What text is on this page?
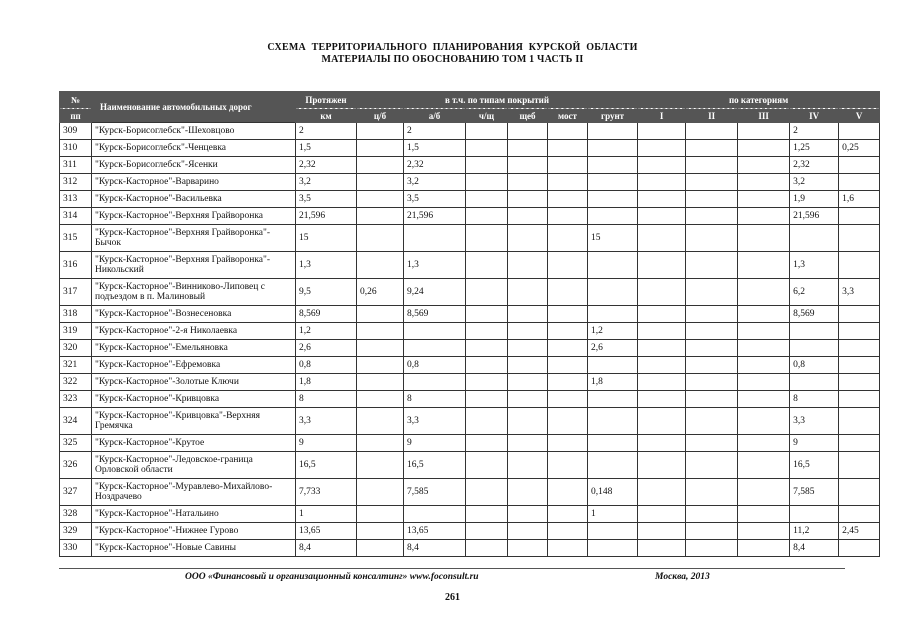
СХЕМА ТЕРРИТОРИАЛЬНОГО ПЛАНИРОВАНИЯ КУРСКОЙ ОБЛАСТИ
МАТЕРИАЛЫ ПО ОБОСНОВАНИЮ ТОМ 1 ЧАСТЬ II
№	Наименование автомобильных дорог	Протяжен	в т.ч. по типам покрытий						по категориям				
пп		км	ц/б	а/б	ч/щ	щеб	мост	грунт	I	II	III	IV	V
309	"Курск-Борисоглебск"-Шеховцово	2		2								2	
310	"Курск-Борисоглебск"-Ченцевка	1,5		1,5								1,25	0,25
311	"Курск-Борисоглебск"-Ясенки	2,32		2,32								2,32	
312	"Курск-Касторное"-Варварино	3,2		3,2								3,2	
313	"Курск-Касторное"-Васильевка	3,5		3,5								1,9	1,6
314	"Курск-Касторное"-Верхняя Грайворонка	21,596		21,596								21,596	
315	"Курск-Касторное"-Верхняя Грайворонка"-Бычок	15						15					
316	"Курск-Касторное"-Верхняя Грайворонка"-Никольский	1,3		1,3								1,3	
317	"Курск-Касторное"-Винниково-Липовец с подъездом в п. Малиновый	9,5	0,26	9,24								6,2	3,3
318	"Курск-Касторное"-Вознесеновка	8,569		8,569								8,569	
319	"Курск-Касторное"-2-я Николаевка	1,2						1,2					
320	"Курск-Касторное"-Емельяновка	2,6						2,6					
321	"Курск-Касторное"-Ефремовка	0,8		0,8								0,8	
322	"Курск-Касторное"-Золотые Ключи	1,8						1,8					
323	"Курск-Касторное"-Кривцовка	8		8								8	
324	"Курск-Касторное"-Кривцовка"-Верхняя Гремячка	3,3		3,3								3,3	
325	"Курск-Касторное"-Крутое	9		9								9	
326	"Курск-Касторное"-Ледовское-граница Орловской области	16,5		16,5								16,5	
327	"Курск-Касторное"-Муравлево-Михайлово-Ноздрачево	7,733		7,585				0,148				7,585	
328	"Курск-Касторное"-Натальино	1						1					
329	"Курск-Касторное"-Нижнее Гурово	13,65		13,65								11,2	2,45
330	"Курск-Касторное"-Новые Савины	8,4		8,4								8,4	
ООО «Финансовый и организационный консалтинг» www.foconsult.ru	Москва, 2013
261
